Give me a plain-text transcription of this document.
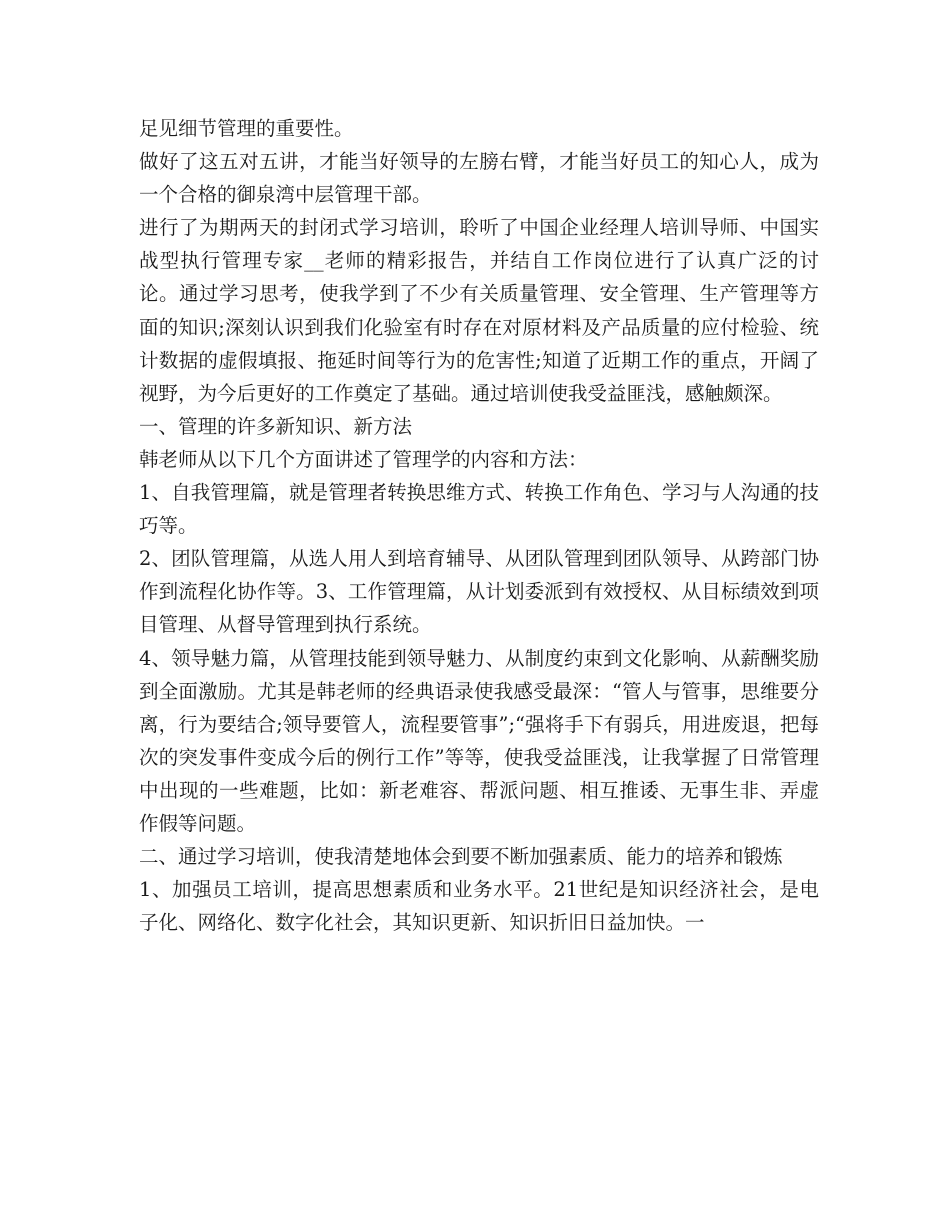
足见细节管理的重要性。

做好了这五对五讲，才能当好领导的左膀右臂，才能当好员工的知心人，成为一个合格的御泉湾中层管理干部。

进行了为期两天的封闭式学习培训，聆听了中国企业经理人培训导师、中国实战型执行管理专家__老师的精彩报告，并结自工作岗位进行了认真广泛的讨论。通过学习思考，使我学到了不少有关质量管理、安全管理、生产管理等方面的知识;深刻认识到我们化验室有时存在对原材料及产品质量的应付检验、统计数据的虚假填报、拖延时间等行为的危害性;知道了近期工作的重点，开阔了视野，为今后更好的工作奠定了基础。通过培训使我受益匪浅，感触颇深。

一、管理的许多新知识、新方法

韩老师从以下几个方面讲述了管理学的内容和方法：

1、自我管理篇，就是管理者转换思维方式、转换工作角色、学习与人沟通的技巧等。

2、团队管理篇，从选人用人到培育辅导、从团队管理到团队领导、从跨部门协作到流程化协作等。3、工作管理篇，从计划委派到有效授权、从目标绩效到项目管理、从督导管理到执行系统。

4、领导魅力篇，从管理技能到领导魅力、从制度约束到文化影响、从薪酬奖励到全面激励。尤其是韩老师的经典语录使我感受最深：“管人与管事，思维要分离，行为要结合;领导要管人，流程要管事”;“强将手下有弱兵，用进废退，把每次的突发事件变成今后的例行工作”等等，使我受益匪浅，让我掌握了日常管理中出现的一些难题，比如：新老难容、帮派问题、相互推诿、无事生非、弄虚作假等问题。

二、通过学习培训，使我清楚地体会到要不断加强素质、能力的培养和锻炼

1、加强员工培训，提高思想素质和业务水平。21世纪是知识经济社会，是电子化、网络化、数字化社会，其知识更新、知识折旧日益加快。一
